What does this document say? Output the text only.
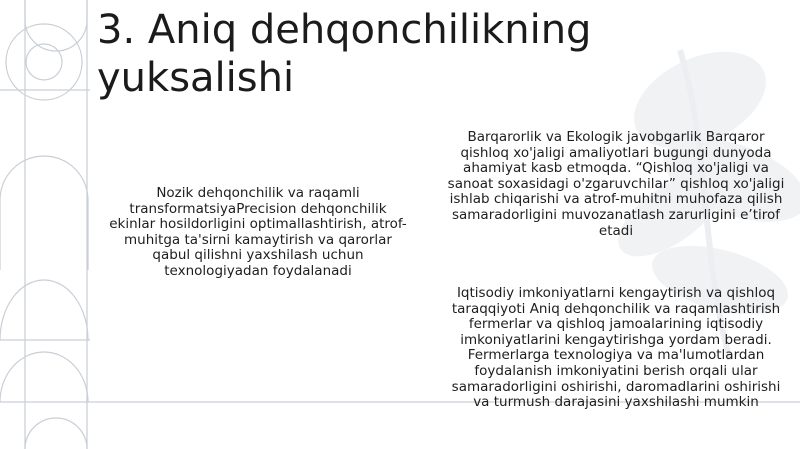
3. Aniq dehqonchilikning yuksalishi

Nozik dehqonchilik va raqamli transformatsiyaPrecision dehqonchilik ekinlar hosildorligini optimallashtirish, atrof-muhitga ta'sirni kamaytirish va qarorlar qabul qilishni yaxshilash uchun texnologiyadan foydalanadi

Barqarorlik va Ekologik javobgarlik Barqaror qishloq xo'jaligi amaliyotlari bugungi dunyoda ahamiyat kasb etmoqda. “Qishloq xo'jaligi va sanoat soxasidagi o'zgaruvchilar” qishloq xo'jaligi ishlab chiqarishi va atrof-muhitni muhofaza qilish samaradorligini muvozanatlash zarurligini e’tirof etadi

Iqtisodiy imkoniyatlarni kengaytirish va qishloq taraqqiyoti Aniq dehqonchilik va raqamlashtirish fermerlar va qishloq jamoalarining iqtisodiy imkoniyatlarini kengaytirishga yordam beradi. Fermerlarga texnologiya va ma'lumotlardan foydalanish imkoniyatini berish orqali ular samaradorligini oshirishi, daromadlarini oshirishi va turmush darajasini yaxshilashi mumkin
